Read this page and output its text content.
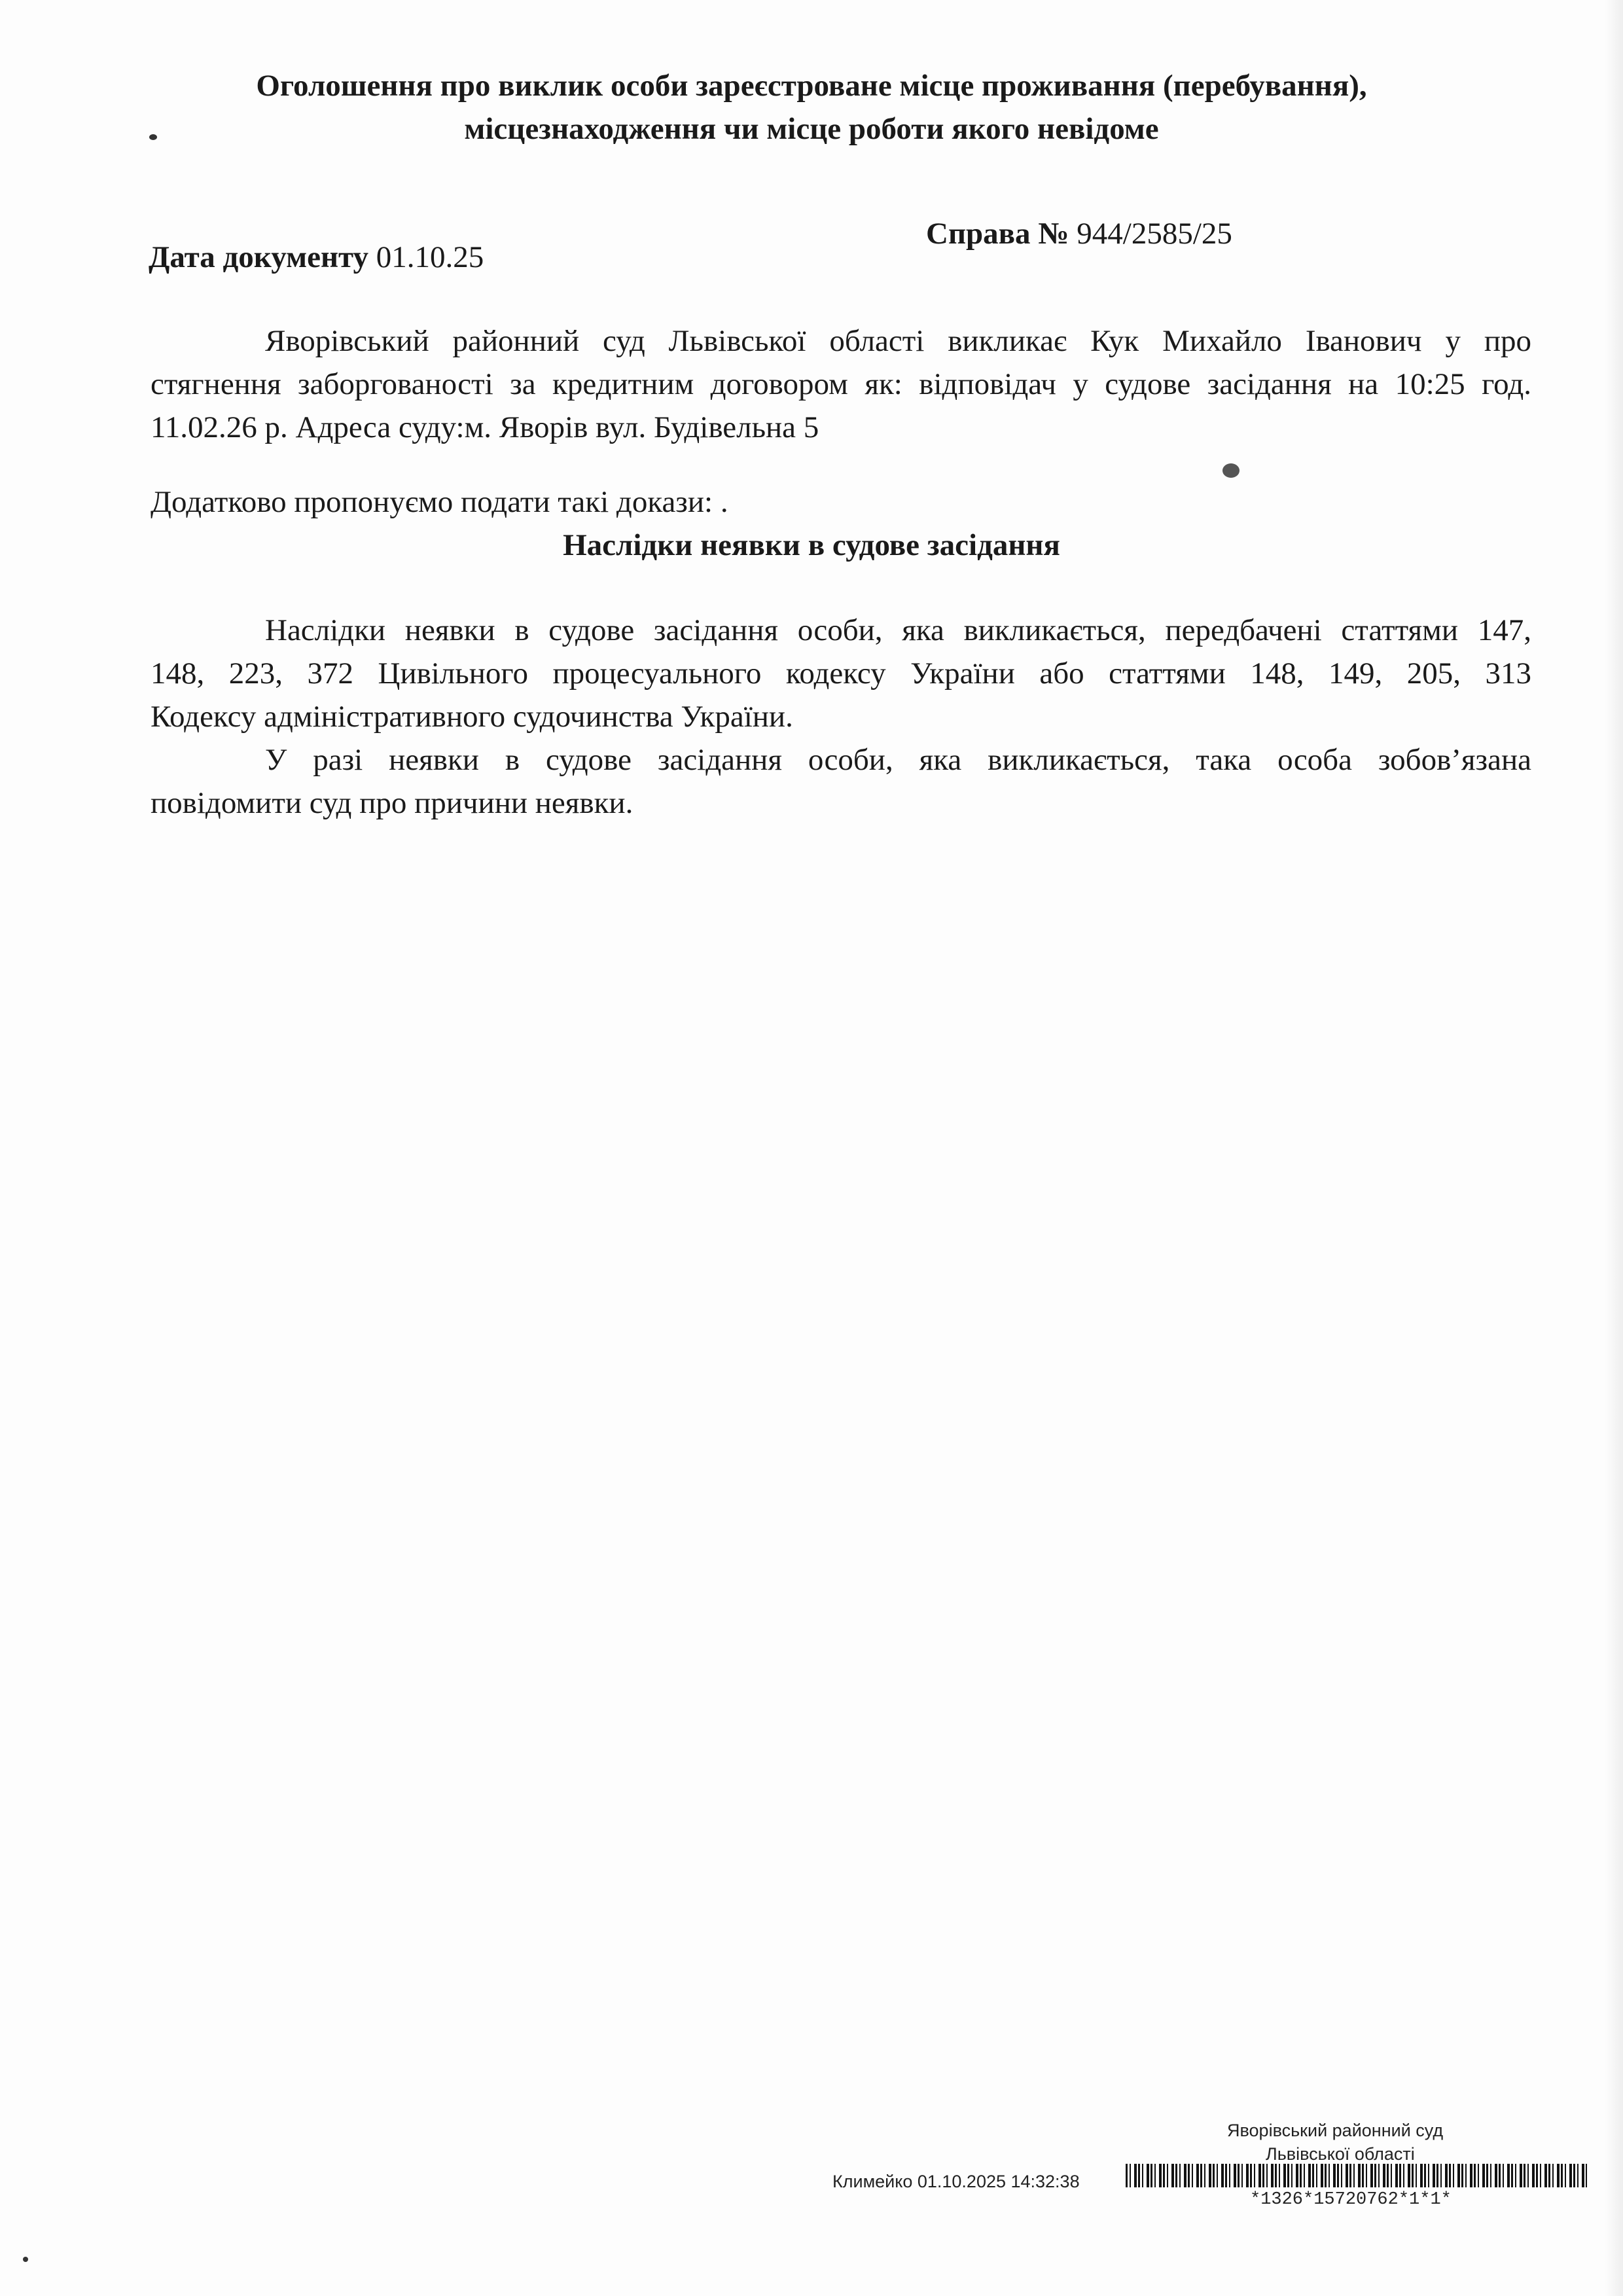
Оголошення про виклик особи зареєстроване місце проживання (перебування),
місцезнаходження чи місце роботи якого невідоме
Дата документу 01.10.25
Справа № 944/2585/25
Яворівський районний суд Львівської області викликає Кук Михайло Іванович у про
стягнення заборгованості за кредитним договором як: відповідач у судове засідання на 10:25 год.
11.02.26 р. Адреса суду:м. Яворів вул. Будівельна 5
Додатково пропонуємо подати такі докази: .
Наслідки неявки в судове засідання
Наслідки неявки в судове засідання особи, яка викликається, передбачені статтями 147,
148, 223, 372 Цивільного процесуального кодексу України або статтями 148, 149, 205, 313
Кодексу адміністративного судочинства України.
У разі неявки в судове засідання особи, яка викликається, така особа зобов’язана
повідомити суд про причини неявки.
Яворівський районний суд
Львівської області
Климейко 01.10.2025 14:32:38
*1326*15720762*1*1*
